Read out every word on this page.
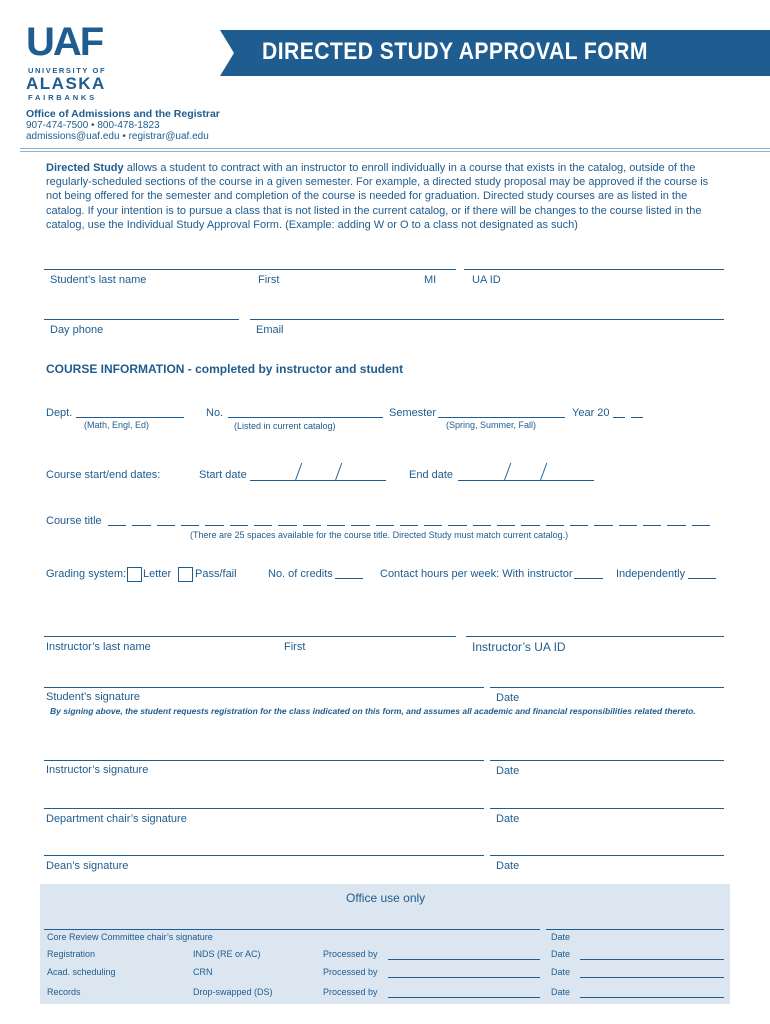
UAF
UNIVERSITY OF
ALASKA
FAIRBANKS
Office of Admissions and the Registrar
907-474-7500 • 800-478-1823
admissions@uaf.edu • registrar@uaf.edu
DIRECTED STUDY APPROVAL FORM
Directed Study allows a student to contract with an instructor to enroll individually in a course that exists in the catalog, outside of the regularly-scheduled sections of the course in a given semester. For example, a directed study proposal may be approved if the course is not being offered for the semester and completion of the course is needed for graduation. Directed study courses are as listed in the catalog. If your intention is to pursue a class that is not listed in the current catalog, or if there will be changes to the course listed in the catalog, use the Individual Study Approval Form. (Example: adding W or O to a class not designated as such)
Student’s last name	First	MI	UA ID
Day phone	Email
COURSE INFORMATION - completed by instructor and student
Dept.
(Math, Engl, Ed)
No.
(Listed in current catalog)
Semester
(Spring, Summer, Fall)
Year 20
Course start/end dates:	Start date	End date
Course title
(There are 25 spaces available for the course title. Directed Study must match current catalog.)
Grading system: Letter Pass/fail	No. of credits	Contact hours per week: With instructor	Independently
Instructor’s last name	First	Instructor’s UA ID
Student’s signature	Date
By signing above, the student requests registration for the class indicated on this form, and assumes all academic and financial responsibilities related thereto.
Instructor’s signature	Date
Department chair’s signature	Date
Dean’s signature	Date
Office use only
Core Review Committee chair’s signature	Date
Registration	INDS (RE or AC)	Processed by	Date
Acad. scheduling	CRN	Processed by	Date
Records	Drop-swapped (DS)	Processed by	Date
